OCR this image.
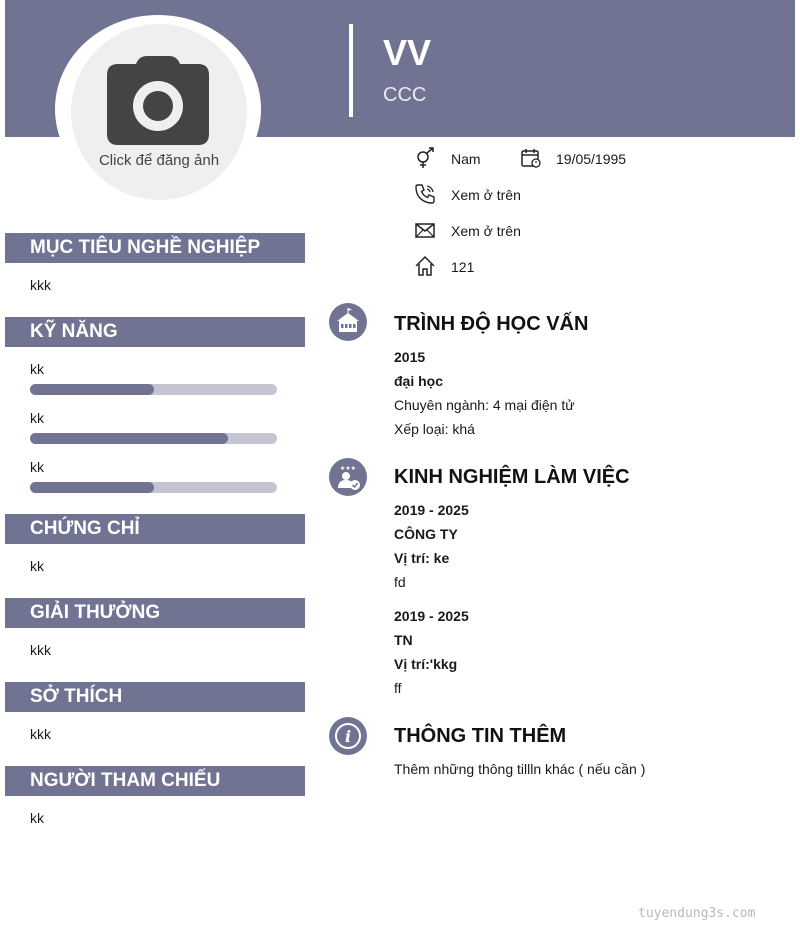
Click để đăng ảnh
VV
CCC
Nam	19/05/1995
Xem ở trên
Xem ở trên
121
MỤC TIÊU NGHỀ NGHIỆP
kkk
KỸ NĂNG
kk
kk
kk
CHỨNG CHỈ
kk
GIẢI THƯỞNG
kkk
SỞ THÍCH
kkk
NGƯỜI THAM CHIẾU
kk
TRÌNH ĐỘ HỌC VẤN
2015
đại học
Chuyên ngành: 4 mại điện tử
Xếp loại: khá
★★★ KINH NGHIỆM LÀM VIỆC
2019 - 2025
CÔNG TY
Vị trí: ke
fd
2019 - 2025
TN
Vị trí:'kkg
ff
i THÔNG TIN THÊM
Thêm những thông tillln khác ( nếu cần )
tuyendung3s.com
